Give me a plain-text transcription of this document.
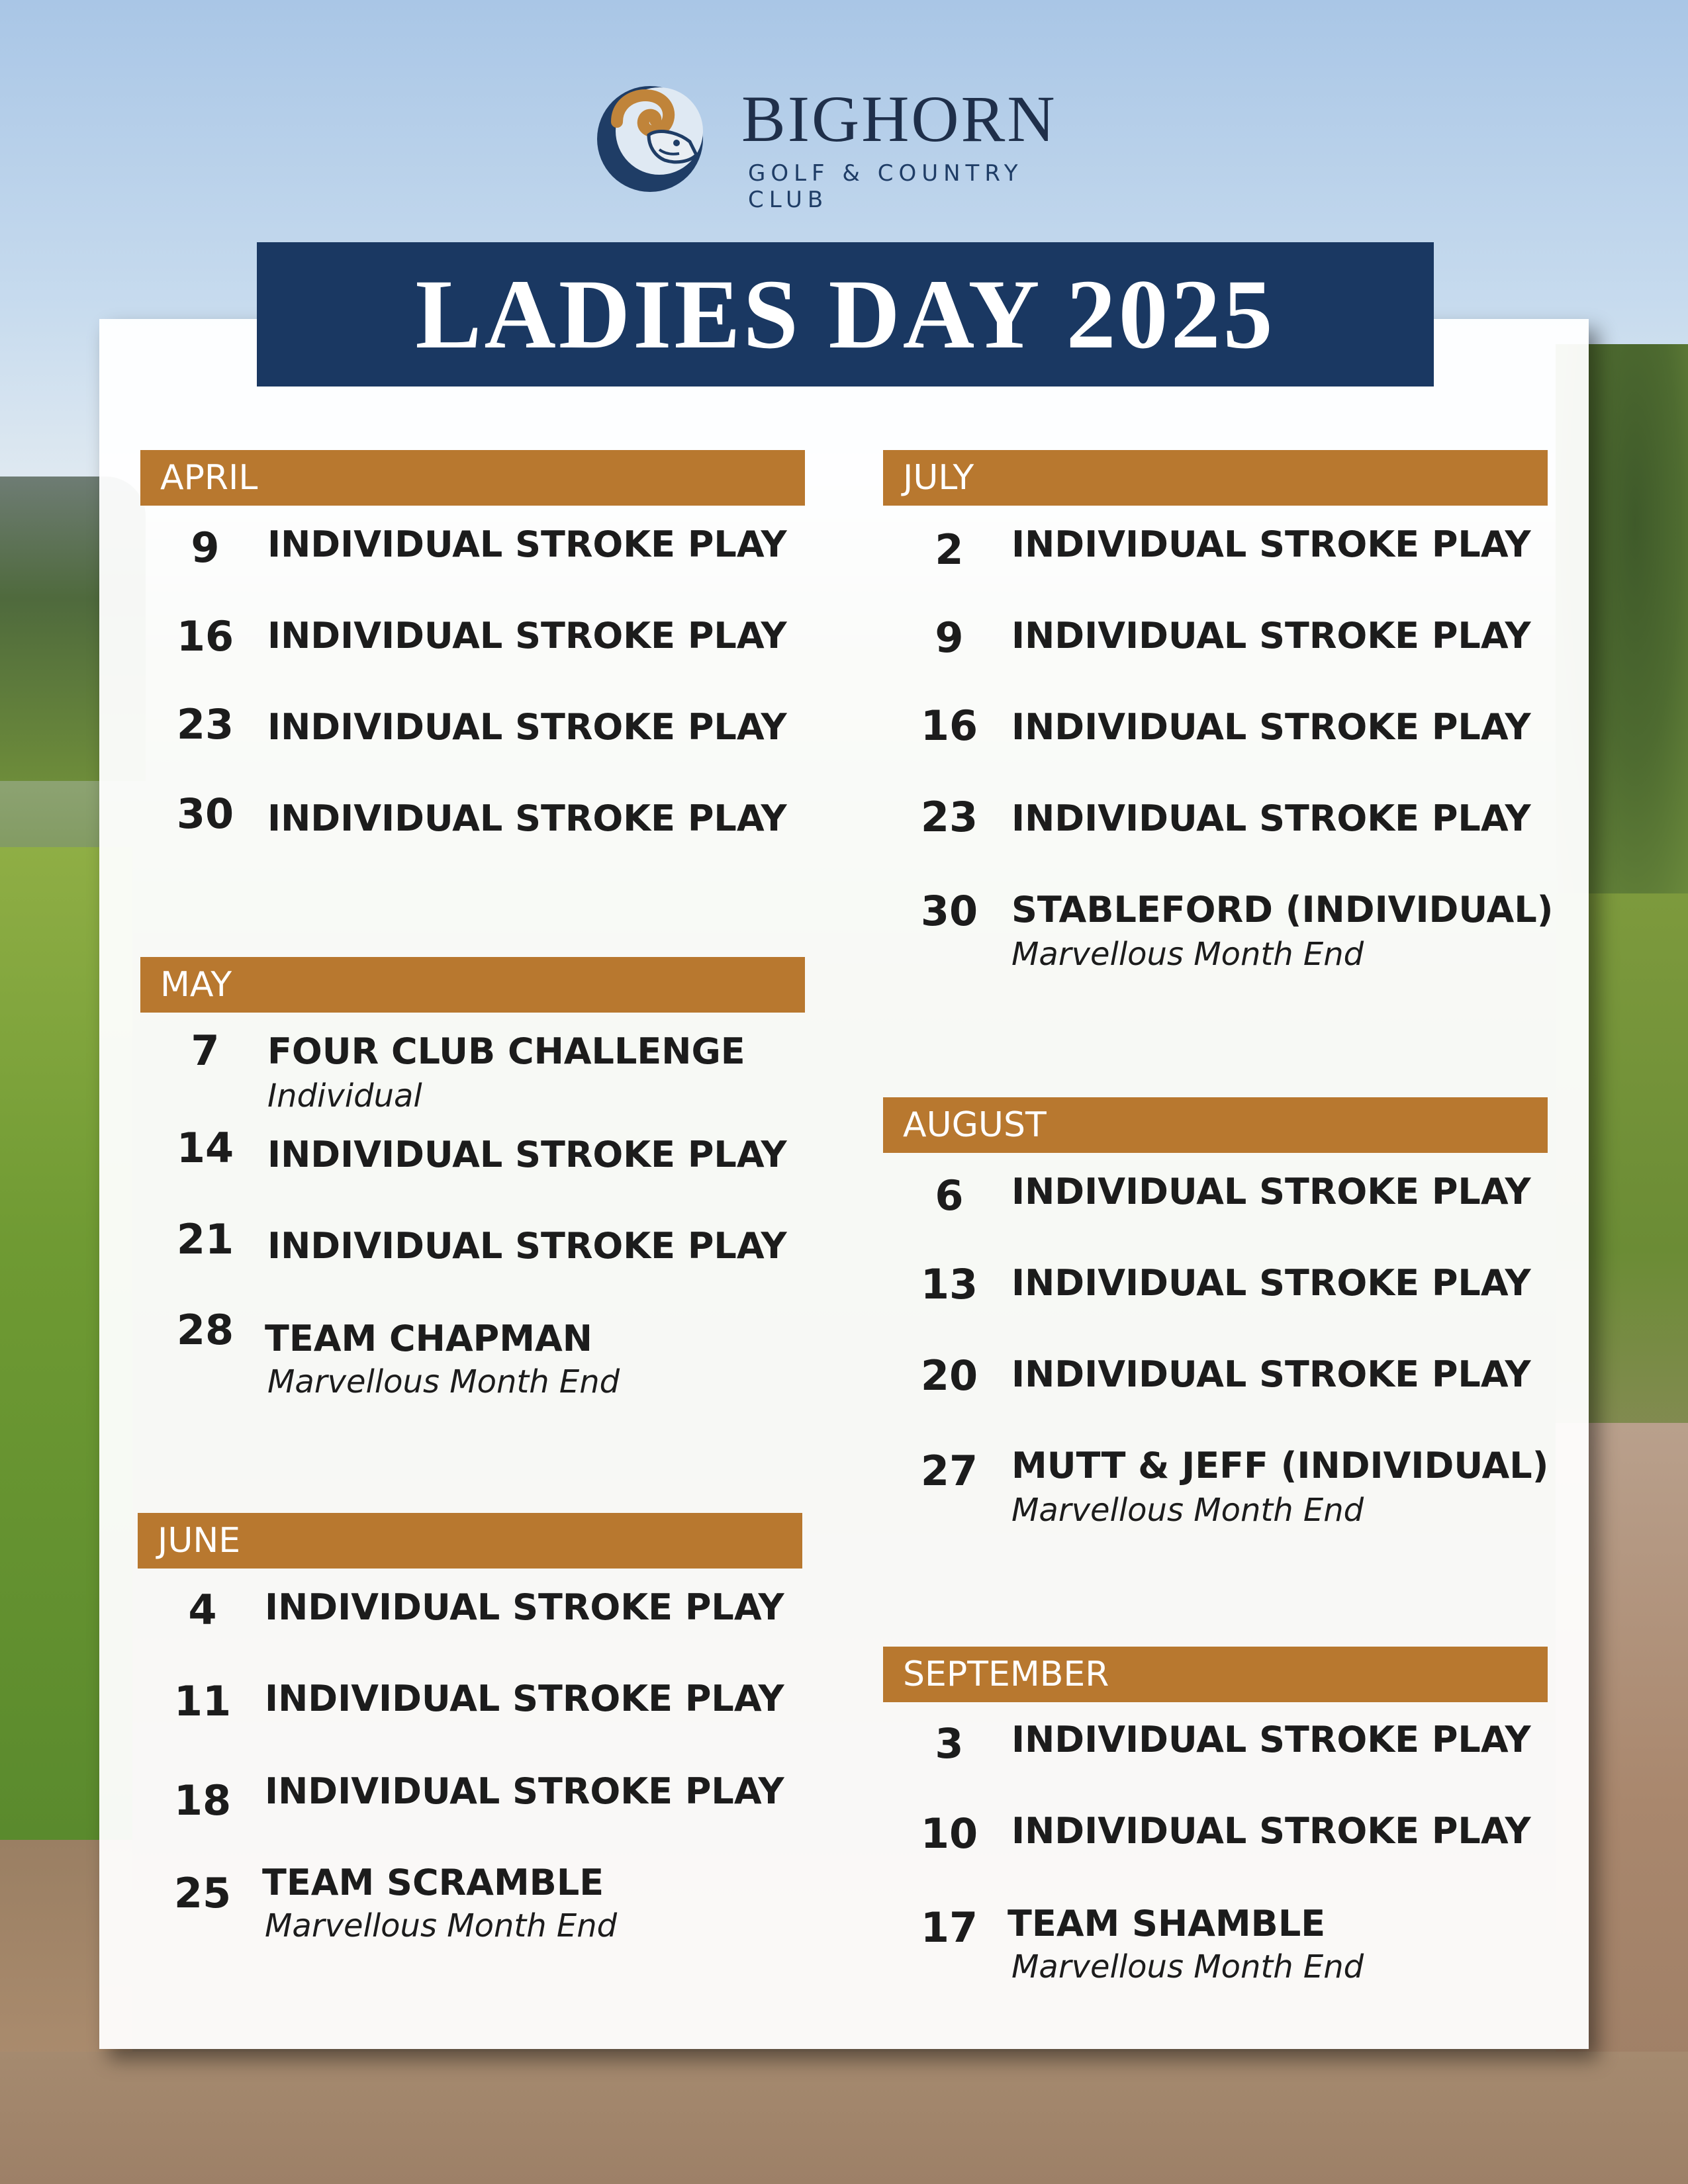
BIGHORN
GOLF & COUNTRY CLUB
LADIES DAY 2025
APRIL
9	INDIVIDUAL STROKE PLAY
16 INDIVIDUAL STROKE PLAY
23 INDIVIDUAL STROKE PLAY
30 INDIVIDUAL STROKE PLAY
MAY
7	FOUR CLUB CHALLENGE
Individual
14 INDIVIDUAL STROKE PLAY
21 INDIVIDUAL STROKE PLAY
28 TEAM CHAPMAN
Marvellous Month End
JUNE
4	INDIVIDUAL STROKE PLAY
11 INDIVIDUAL STROKE PLAY
18 INDIVIDUAL STROKE PLAY
25 TEAM SCRAMBLE
Marvellous Month End
JULY
2	INDIVIDUAL STROKE PLAY
9	INDIVIDUAL STROKE PLAY
16 INDIVIDUAL STROKE PLAY
23 INDIVIDUAL STROKE PLAY
30 STABLEFORD (INDIVIDUAL)
Marvellous Month End
AUGUST
6	INDIVIDUAL STROKE PLAY
13 INDIVIDUAL STROKE PLAY
20 INDIVIDUAL STROKE PLAY
27 MUTT & JEFF (INDIVIDUAL)
Marvellous Month End
SEPTEMBER
3	INDIVIDUAL STROKE PLAY
10 INDIVIDUAL STROKE PLAY
17 TEAM SHAMBLE
Marvellous Month End
